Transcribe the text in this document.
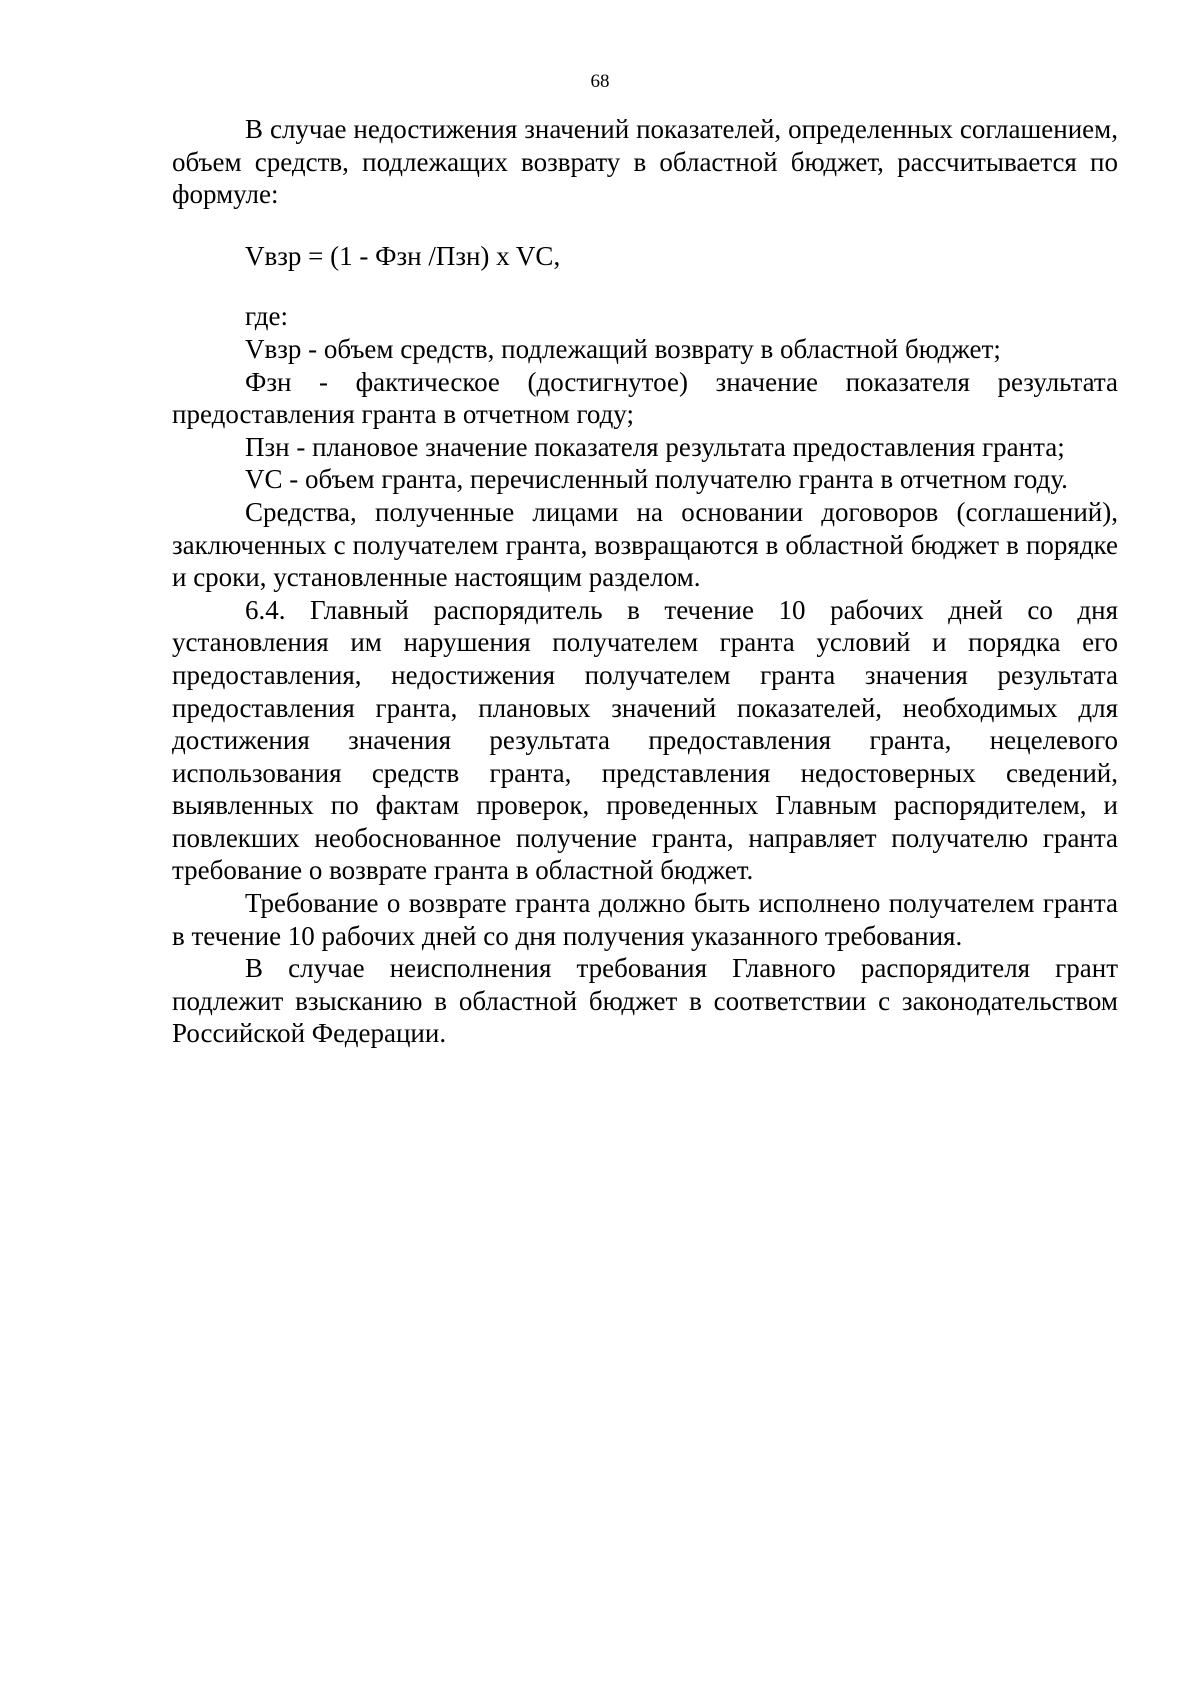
68

В случае недостижения значений показателей, определенных соглашением, объем средств, подлежащих возврату в областной бюджет, рассчитывается по формуле:

Vвзр = (1 - Фзн /Пзн) x VC,

где:

Vвзр - объем средств, подлежащий возврату в областной бюджет;

Фзн - фактическое (достигнутое) значение показателя результата предоставления гранта в отчетном году;

Пзн - плановое значение показателя результата предоставления гранта;

VC - объем гранта, перечисленный получателю гранта в отчетном году.

Средства, полученные лицами на основании договоров (соглашений), заключенных с получателем гранта, возвращаются в областной бюджет в порядке и сроки, установленные настоящим разделом.

6.4. Главный распорядитель в течение 10 рабочих дней со дня установления им нарушения получателем гранта условий и порядка его предоставления, недостижения получателем гранта значения результата предоставления гранта, плановых значений показателей, необходимых для достижения значения результата предоставления гранта, нецелевого использования средств гранта, представления недостоверных сведений, выявленных по фактам проверок, проведенных Главным распорядителем, и повлекших необоснованное получение гранта, направляет получателю гранта требование о возврате гранта в областной бюджет.

Требование о возврате гранта должно быть исполнено получателем гранта в течение 10 рабочих дней со дня получения указанного требования.

В случае неисполнения требования Главного распорядителя грант подлежит взысканию в областной бюджет в соответствии с законодательством Российской Федерации.
